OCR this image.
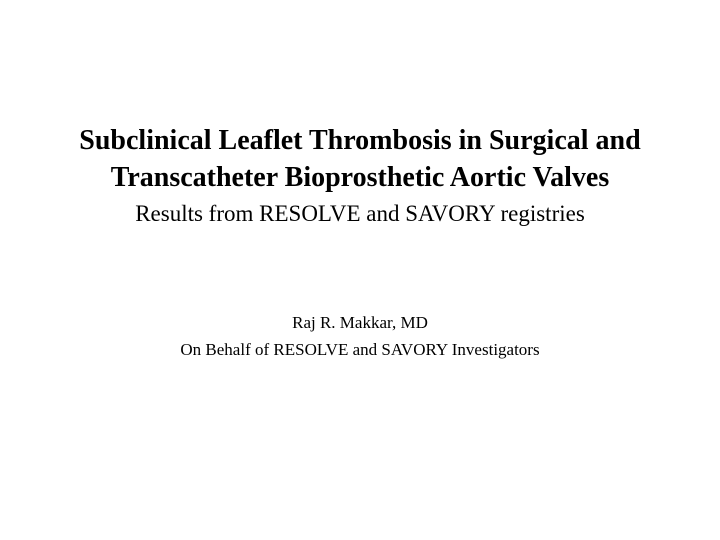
Subclinical Leaflet Thrombosis in Surgical and
Transcatheter Bioprosthetic Aortic Valves
Results from RESOLVE and SAVORY registries
Raj R. Makkar, MD
On Behalf of RESOLVE and SAVORY Investigators
